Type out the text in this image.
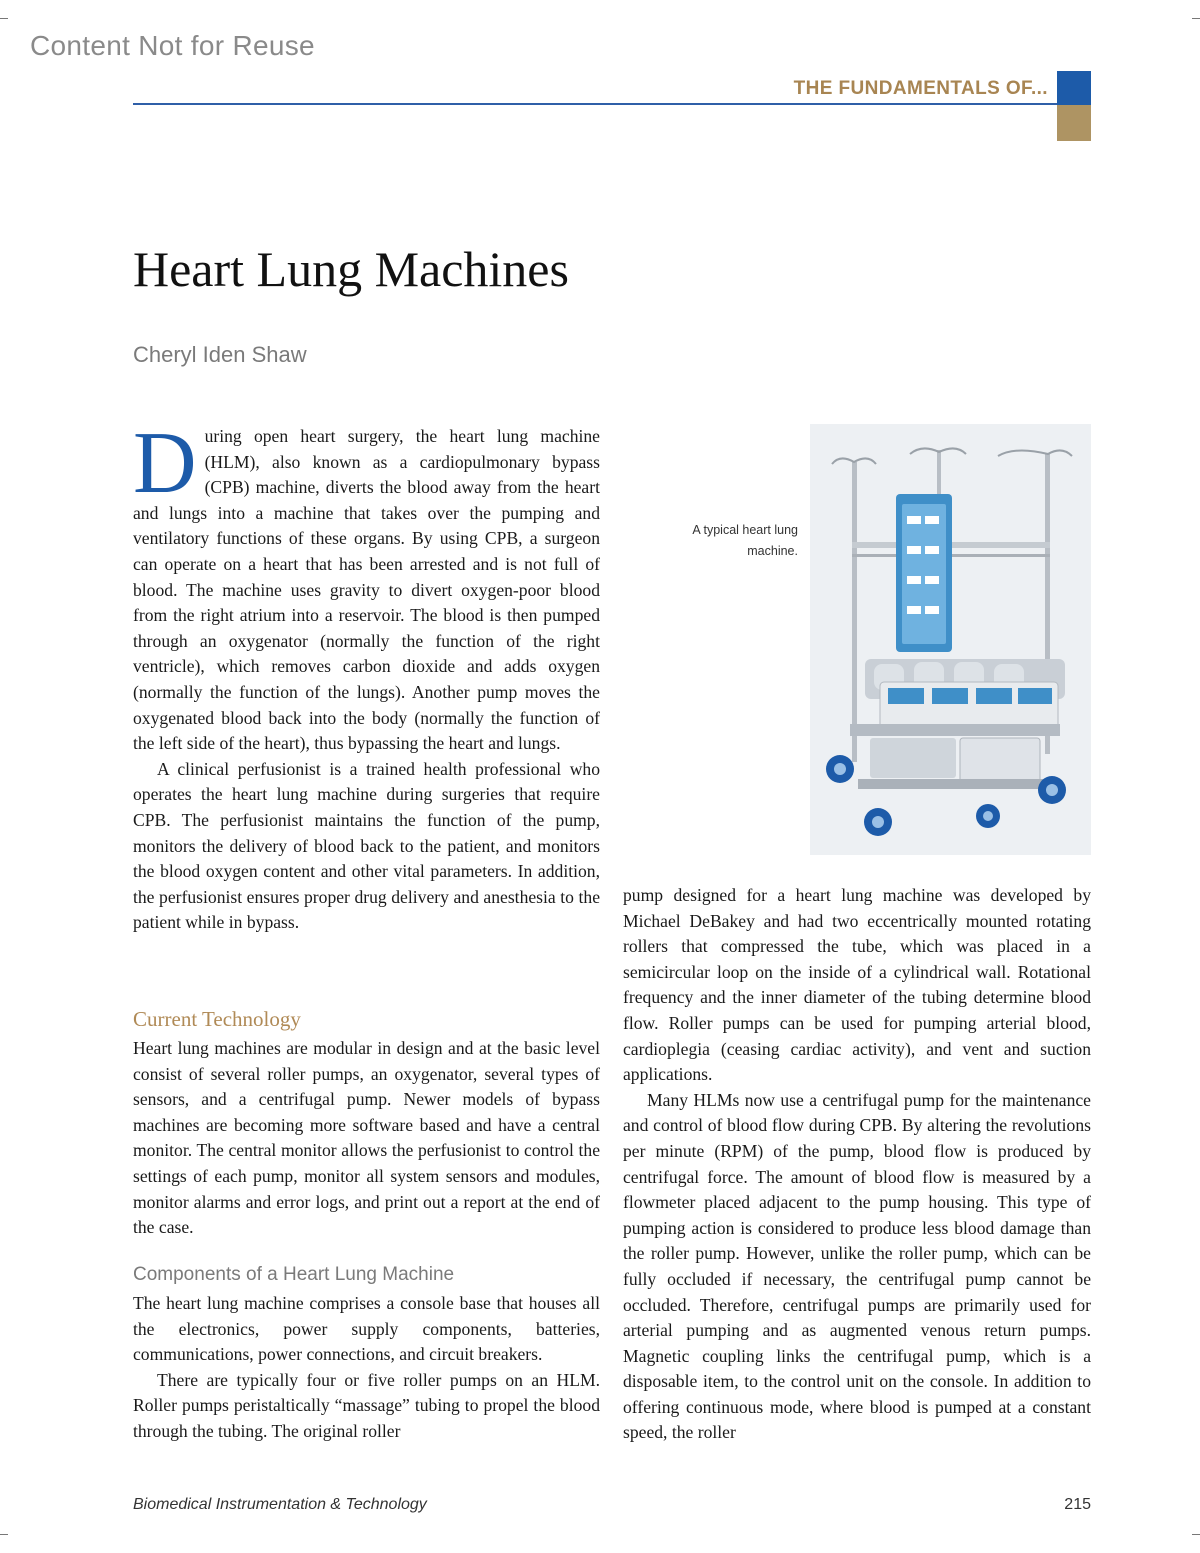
Content Not for Reuse
THE FUNDAMENTALS OF...
Heart Lung Machines
Cheryl Iden Shaw

During open heart surgery, the heart lung machine (HLM), also known as a cardiopulmonary bypass (CPB) machine, diverts the blood away from the heart and lungs into a machine that takes over the pumping and ventilatory functions of these organs. By using CPB, a surgeon can operate on a heart that has been arrested and is not full of blood. The machine uses gravity to divert oxygen-poor blood from the right atrium into a reservoir. The blood is then pumped through an oxygenator (normally the function of the right ventricle), which removes carbon dioxide and adds oxygen (normally the function of the lungs). Another pump moves the oxygenated blood back into the body (normally the function of the left side of the heart), thus bypassing the heart and lungs.

A clinical perfusionist is a trained health professional who operates the heart lung machine during surgeries that require CPB. The perfusionist maintains the function of the pump, monitors the delivery of blood back to the patient, and monitors the blood oxygen content and other vital parameters. In addition, the perfusionist ensures proper drug delivery and anesthesia to the patient while in bypass.

Current Technology

Heart lung machines are modular in design and at the basic level consist of several roller pumps, an oxygenator, several types of sensors, and a centrifugal pump. Newer models of bypass machines are becoming more software based and have a central monitor. The central monitor allows the perfusionist to control the settings of each pump, monitor all system sensors and modules, monitor alarms and error logs, and print out a report at the end of the case.

Components of a Heart Lung Machine

The heart lung machine comprises a console base that houses all the electronics, power supply components, batteries, communications, power connections, and circuit breakers.

There are typically four or five roller pumps on an HLM. Roller pumps peristaltically “massage” tubing to propel the blood through the tubing. The original roller

A typical heart lung machine.

pump designed for a heart lung machine was developed by Michael DeBakey and had two eccentrically mounted rotating rollers that compressed the tube, which was placed in a semicircular loop on the inside of a cylindrical wall. Rotational frequency and the inner diameter of the tubing determine blood flow. Roller pumps can be used for pumping arterial blood, cardioplegia (ceasing cardiac activity), and vent and suction applications.

Many HLMs now use a centrifugal pump for the maintenance and control of blood flow during CPB. By altering the revolutions per minute (RPM) of the pump, blood flow is produced by centrifugal force. The amount of blood flow is measured by a flowmeter placed adjacent to the pump housing. This type of pumping action is considered to produce less blood damage than the roller pump. However, unlike the roller pump, which can be fully occluded if necessary, the centrifugal pump cannot be occluded. Therefore, centrifugal pumps are primarily used for arterial pumping and as augmented venous return pumps. Magnetic coupling links the centrifugal pump, which is a disposable item, to the control unit on the console. In addition to offering continuous mode, where blood is pumped at a constant speed, the roller

Biomedical Instrumentation & Technology	215
